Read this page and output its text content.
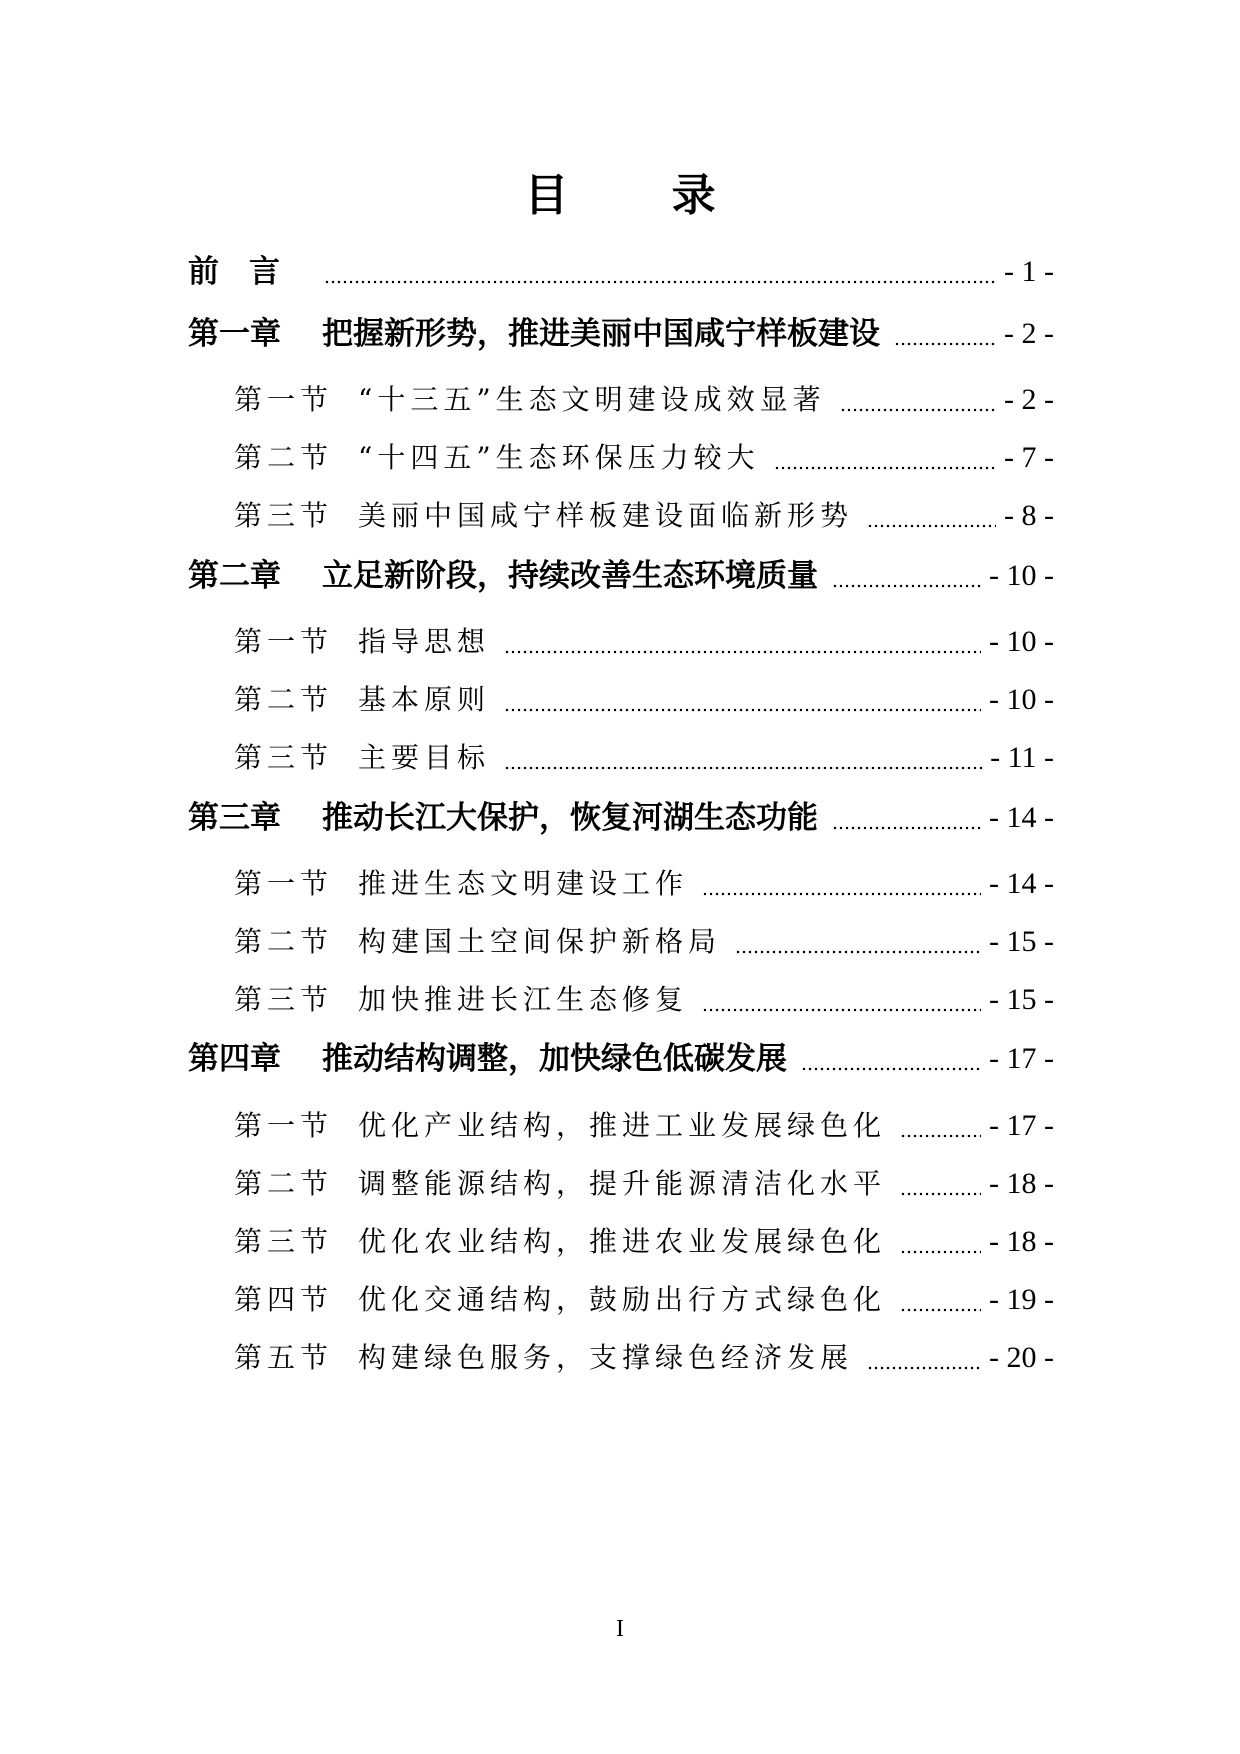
目 录
前言	- 1 -
第一章	把握新形势，推进美丽中国咸宁样板建设	- 2 -
第一节 “十三五”生态文明建设成效显著	- 2 -
第二节 “十四五”生态环保压力较大	- 7 -
第三节 美丽中国咸宁样板建设面临新形势	- 8 -
第二章	立足新阶段，持续改善生态环境质量	- 10 -
第一节 指导思想	- 10 -
第二节 基本原则	- 10 -
第三节 主要目标	- 11 -
第三章	推动长江大保护，恢复河湖生态功能	- 14 -
第一节 推进生态文明建设工作	- 14 -
第二节 构建国土空间保护新格局	- 15 -
第三节 加快推进长江生态修复	- 15 -
第四章	推动结构调整，加快绿色低碳发展	- 17 -
第一节 优化产业结构，推进工业发展绿色化	- 17 -
第二节 调整能源结构，提升能源清洁化水平	- 18 -
第三节 优化农业结构，推进农业发展绿色化	- 18 -
第四节 优化交通结构，鼓励出行方式绿色化	- 19 -
第五节 构建绿色服务，支撑绿色经济发展	- 20 -
I
